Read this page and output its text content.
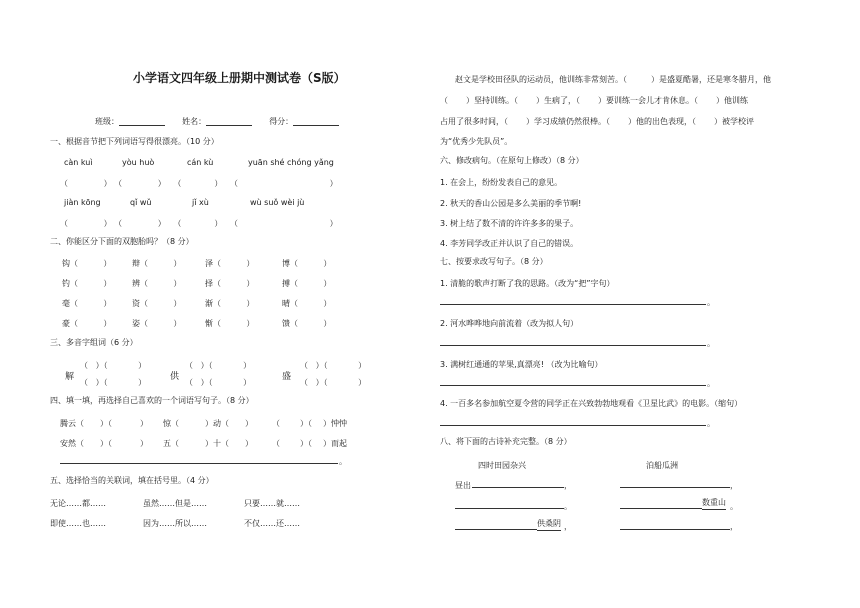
小学语文四年级上册期中测试卷（S版）
班级：	姓名：	得分：
一、根据音节把下列词语写得很漂亮。（10 分）
càn kuì	yòu huò	cán kù	yuān shé chóng yǎng
（              ） （              ）   （             ）   （                                    ）
jiàn kōng	qǐ wǔ	jǐ xù	wù suǒ wèi jù
（              ） （              ）   （             ）   （                                    ）
二、你能区分下面的双胞胎吗？（8 分）
钩（          ）	辩（          ）	泽（          ）	博（          ）
钓（          ）	辨（          ）	择（          ）	搏（          ）
毫（          ）	资（          ）	渐（          ）	晴（          ）
豪（          ）	姿（          ）	惭（          ）	馈（          ）
三、多音字组词（6 分）
解
（   ）（            ）
（   ）（            ）
供
（   ）（            ）
（   ）（            ）
盛
（   ）（            ）
（   ）（            ）
四、填一填，再选择自己喜欢的一个词语写句子。（8 分）
腾云（ ）（	） 惊（	）动（ ） （	）（ ）忡忡
安然（ ）（	） 五（	）十（ ） （	）（ ）而起
。
五、选择恰当的关联词，填在括号里。（4 分）
无论……都……	虽然……但是……	只要……就……
即使……也……	因为……所以……	不仅……还……
赵文是学校田径队的运动员，他训练非常刻苦。（	）是盛夏酷暑，还是寒冬腊月，他
（ ）坚持训练。（ ）生病了，（ ）要训练一会儿才肯休息。（ ）他训练
占用了很多时间，（ ）学习成绩仍然很棒。（ ）他的出色表现，（ ）被学校评
为“优秀少先队员”。
六、修改病句。（在原句上修改）（8 分）
1. 在会上，纷纷发表自己的意见。
2. 秋天的香山公园是多么美丽的季节啊!
3. 树上结了数不清的许许多多的果子。
4. 李芳同学改正并认识了自己的错误。
七、按要求改写句子。（8 分）
1. 清脆的歌声打断了我的思路。（改为“把”字句）
。
2. 河水哗哗地向前流着（改为拟人句）
。
3. 满树红通通的苹果,真漂亮! （改为比喻句）
。
4. 一百多名参加航空夏令营的同学正在兴致勃勃地观看《卫星比武》的电影。（缩句）
。
八、将下面的古诗补充完整。（8 分）
四时田园杂兴	泊船瓜洲
昼出	，
。
供桑阴 ，
，
数重山 。
，
